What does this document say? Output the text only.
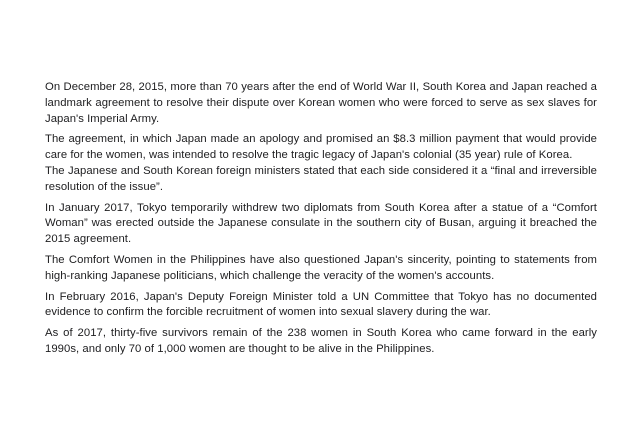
On December 28, 2015, more than 70 years after the end of World War II, South Korea and Japan reached a landmark agreement to resolve their dispute over Korean women who were forced to serve as sex slaves for Japan's Imperial Army.

The agreement, in which Japan made an apology and promised an $8.3 million payment that would provide care for the women, was intended to resolve the tragic legacy of Japan's colonial (35 year) rule of Korea.

The Japanese and South Korean foreign ministers stated that each side considered it a “final and irreversible resolution of the issue”.

In January 2017, Tokyo temporarily withdrew two diplomats from South Korea after a statue of a “Comfort Woman” was erected outside the Japanese consulate in the southern city of Busan, arguing it breached the 2015 agreement.

The Comfort Women in the Philippines have also questioned Japan's sincerity, pointing to statements from high-ranking Japanese politicians, which challenge the veracity of the women's accounts.

In February 2016, Japan's Deputy Foreign Minister told a UN Committee that Tokyo has no documented evidence to confirm the forcible recruitment of women into sexual slavery during the war.

As of 2017, thirty-five survivors remain of the 238 women in South Korea who came forward in the early 1990s, and only 70 of 1,000 women are thought to be alive in the Philippines.
